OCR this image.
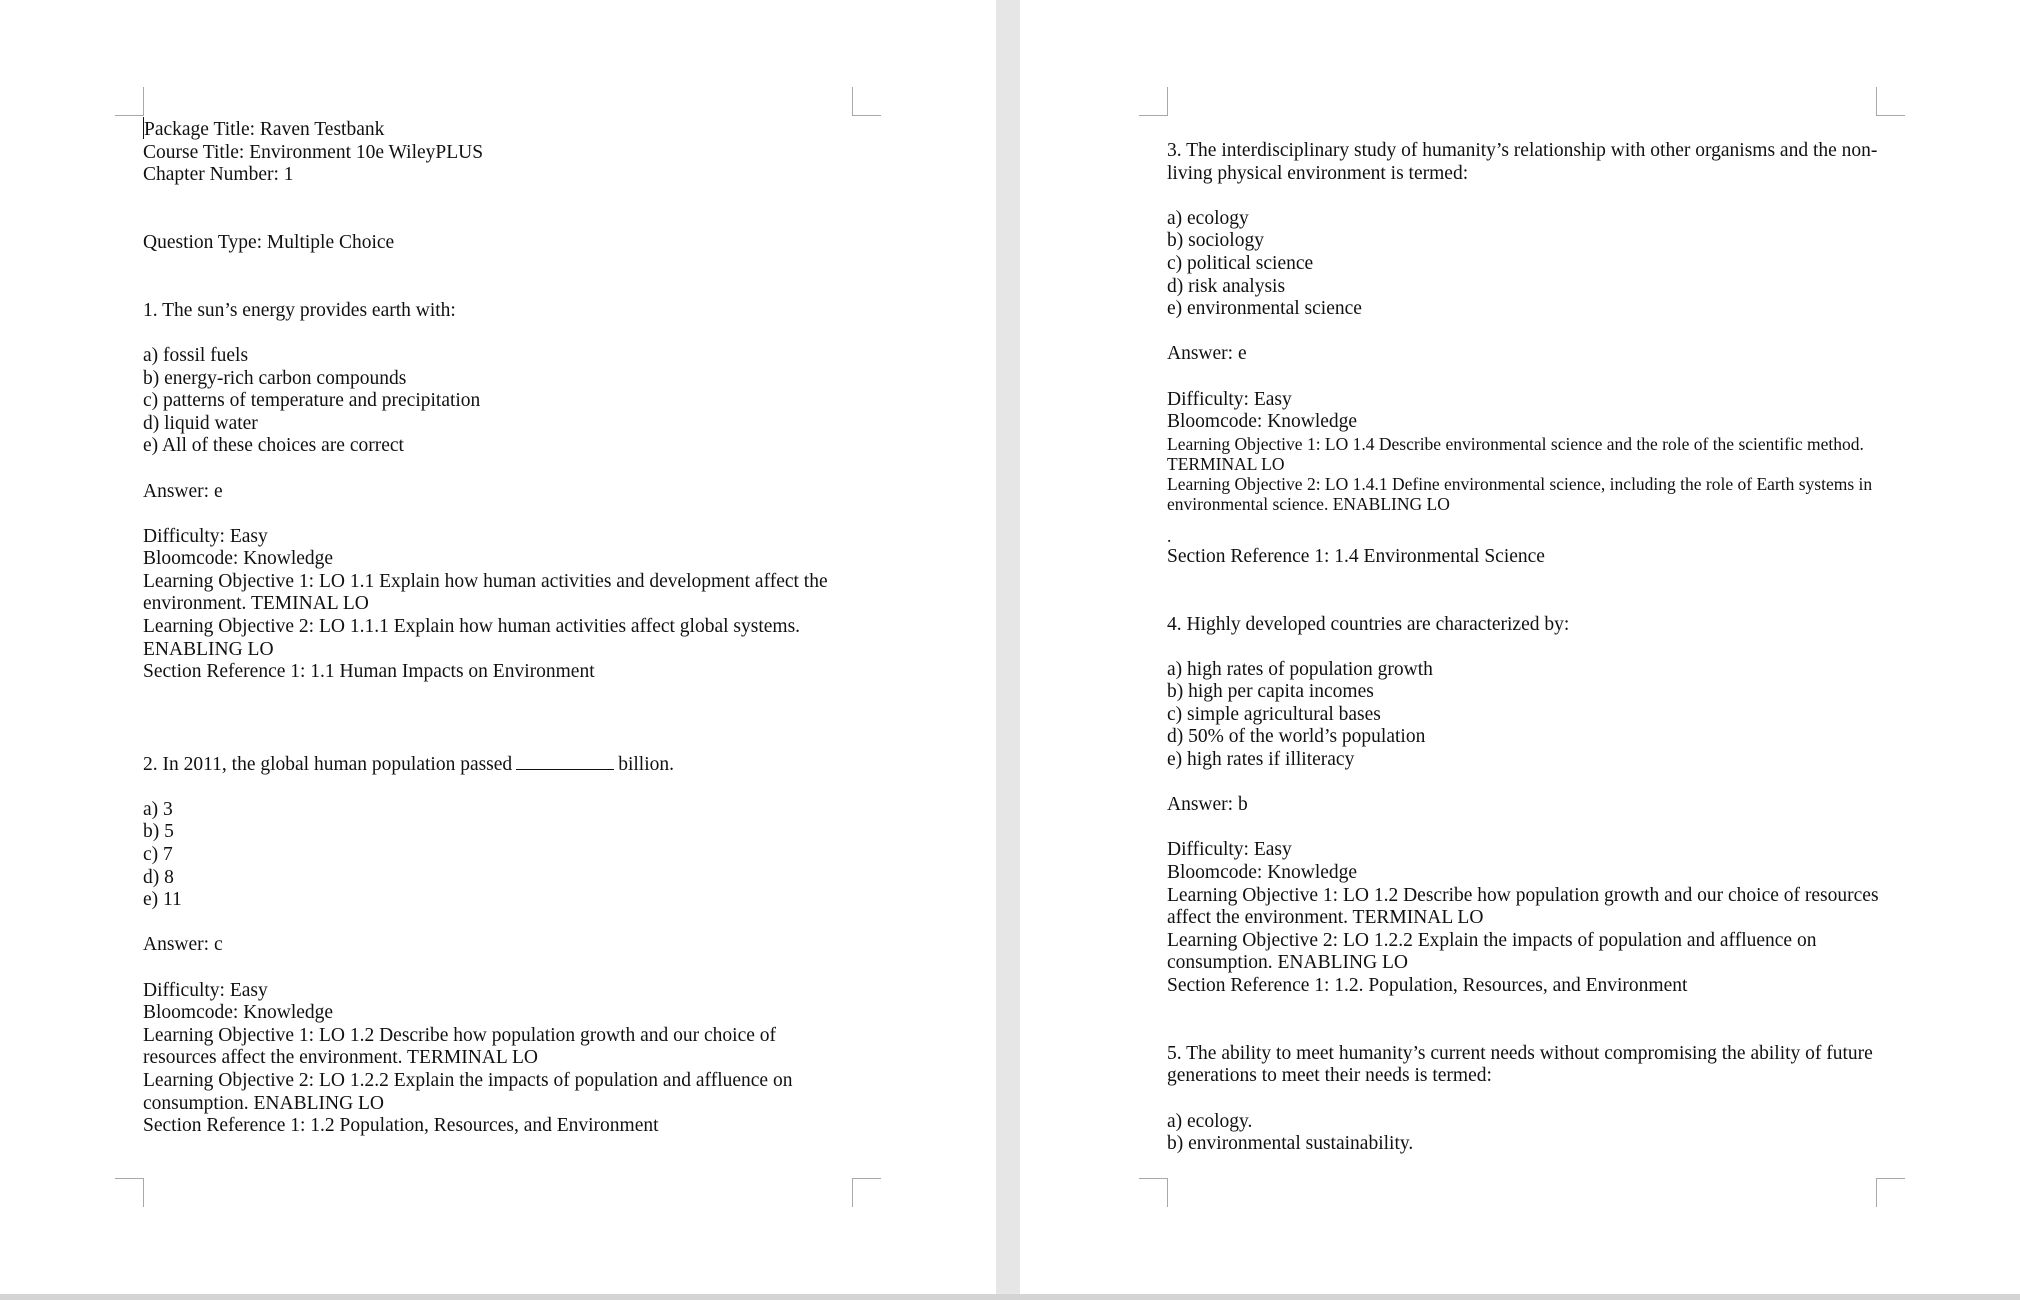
Package Title: Raven Testbank

Course Title: Environment 10e WileyPLUS

Chapter Number: 1

Question Type: Multiple Choice

1. The sun’s energy provides earth with:

a) fossil fuels

b) energy-rich carbon compounds

c) patterns of temperature and precipitation

d) liquid water

e) All of these choices are correct

Answer: e

Difficulty: Easy

Bloomcode: Knowledge

Learning Objective 1: LO 1.1 Explain how human activities and development affect the environment. TEMINAL LO

Learning Objective 2: LO 1.1.1 Explain how human activities affect global systems. ENABLING LO

Section Reference 1: 1.1 Human Impacts on Environment

2. In 2011, the global human population passed	billion.

a) 3

b) 5

c) 7

d) 8

e) 11

Answer: c

Difficulty: Easy

Bloomcode: Knowledge

Learning Objective 1: LO 1.2 Describe how population growth and our choice of resources affect the environment. TERMINAL LO

Learning Objective 2: LO 1.2.2 Explain the impacts of population and affluence on consumption. ENABLING LO

Section Reference 1: 1.2 Population, Resources, and Environment

3. The interdisciplinary study of humanity’s relationship with other organisms and the non-living physical environment is termed:

a) ecology

b) sociology

c) political science

d) risk analysis

e) environmental science

Answer: e

Difficulty: Easy

Bloomcode: Knowledge

Learning Objective 1: LO 1.4 Describe environmental science and the role of the scientific method. TERMINAL LO

Learning Objective 2: LO 1.4.1 Define environmental science, including the role of Earth systems in environmental science. ENABLING LO

.

Section Reference 1: 1.4 Environmental Science

4. Highly developed countries are characterized by:

a) high rates of population growth

b) high per capita incomes

c) simple agricultural bases

d) 50% of the world’s population

e) high rates if illiteracy

Answer: b

Difficulty: Easy

Bloomcode: Knowledge

Learning Objective 1: LO 1.2 Describe how population growth and our choice of resources affect the environment. TERMINAL LO

Learning Objective 2: LO 1.2.2 Explain the impacts of population and affluence on consumption. ENABLING LO

Section Reference 1: 1.2. Population, Resources, and Environment

5. The ability to meet humanity’s current needs without compromising the ability of future generations to meet their needs is termed:

a) ecology.

b) environmental sustainability.
